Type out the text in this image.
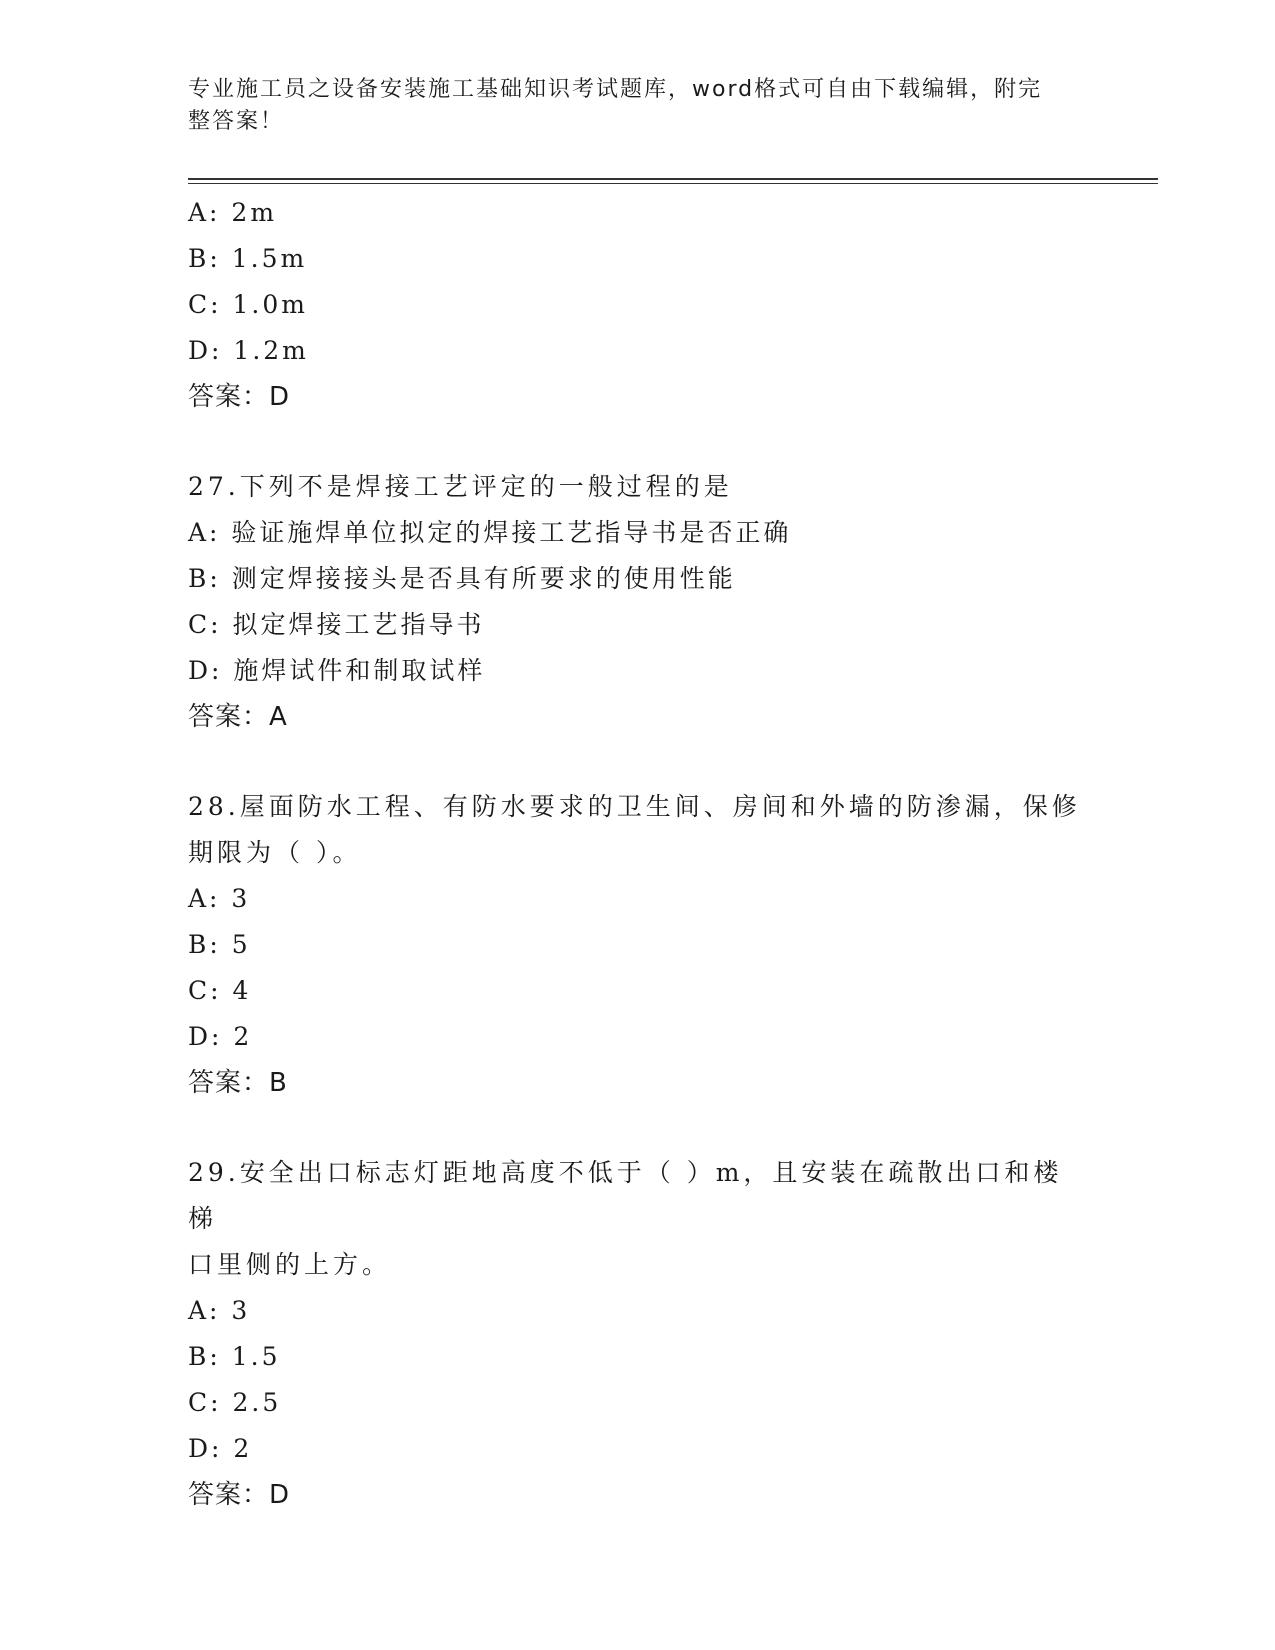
专业施工员之设备安装施工基础知识考试题库，word格式可自由下载编辑，附完
整答案！
A: 2m
B: 1.5m
C: 1.0m
D: 1.2m
答案：D
27.下列不是焊接工艺评定的一般过程的是
A: 验证施焊单位拟定的焊接工艺指导书是否正确
B: 测定焊接接头是否具有所要求的使用性能
C: 拟定焊接工艺指导书
D: 施焊试件和制取试样
答案：A
28.屋面防水工程、有防水要求的卫生间、房间和外墙的防渗漏，保修
期限为（ ）。
A: 3
B: 5
C: 4
D: 2
答案：B
29.安全出口标志灯距地高度不低于（ ）m，且安装在疏散出口和楼梯
口里侧的上方。
A: 3
B: 1.5
C: 2.5
D: 2
答案：D
